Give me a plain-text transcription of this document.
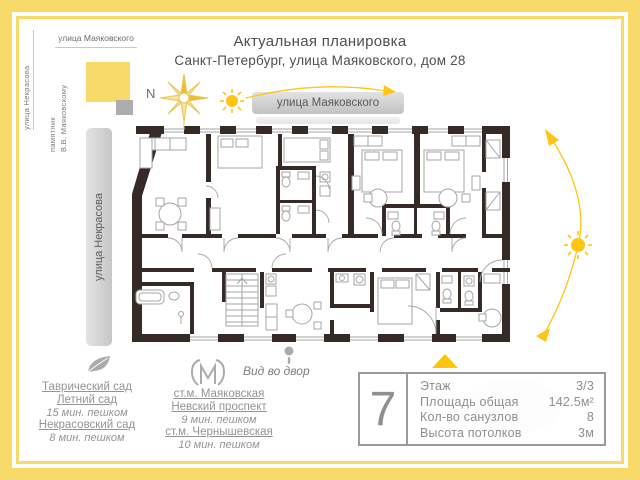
Актуальная планировка
Санкт-Петербург, улица Маяковского, дом 28
улица Некрасова
памятник В.В. Маяковскому
улица Маяковского
N
улица Маяковского
улица Некрасова
Таврический сад
Летний сад
15 мин. пешком
Некрасовский сад
8 мин. пешком
ст.м. Маяковская
Невский проспект
9 мин. пешком
ст.м. Чернышевская
10 мин. пешком
Вид во двор
7	Этаж	3/3
Площадь общая 142.5м²
Кол-во санузлов	8
Высота потолков	3м
